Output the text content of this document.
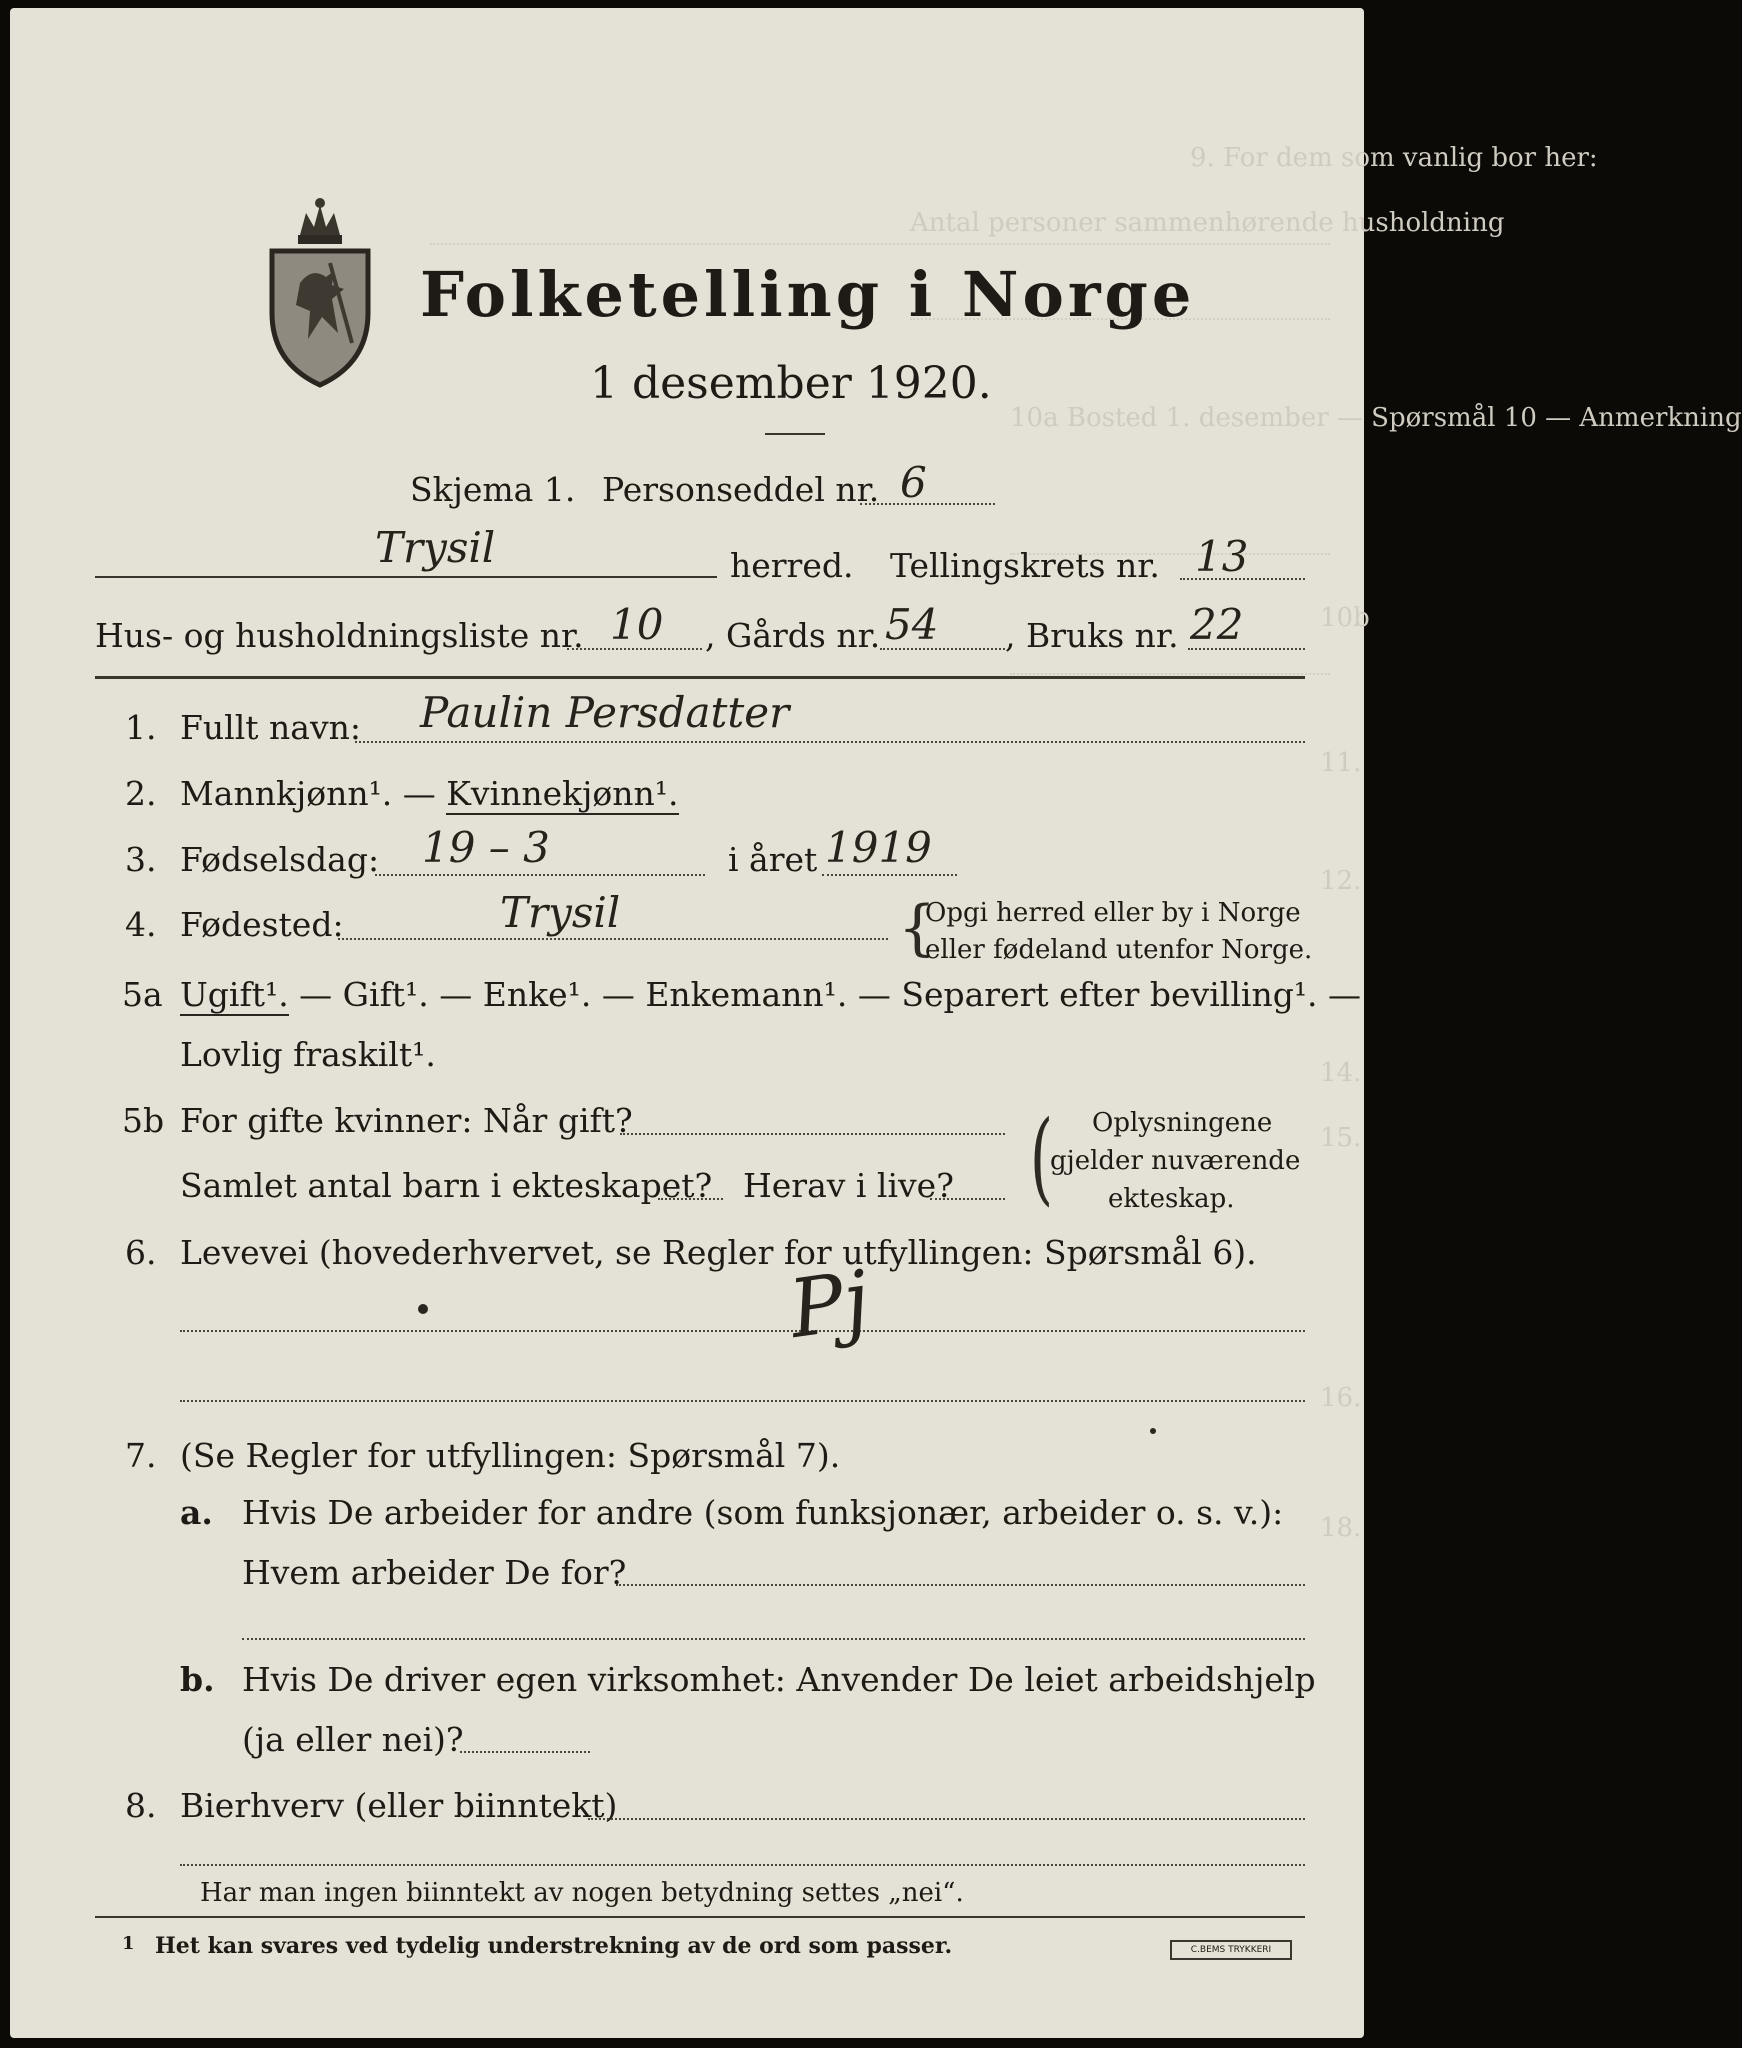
9. For dem som vanlig bor her:
Antal personer sammenhørende husholdning
10a Bosted 1. desember — Spørsmål 10 — Anmerkning
10b
11.
12.
14.
15.
16.
18.
Folketelling i Norge
1 desember 1920.
Skjema 1. Personseddel nr. 6
Trysil	herred. Tellingskrets nr. 13
Hus- og husholdningsliste nr. 10 , Gårds nr. 54 , Bruks nr. 22
1. Fullt navn: Paulin Persdatter
2. Mannkjønn¹. — Kvinnekjønn¹.
3. Fødselsdag: 19 – 3	i året 1919
4. Fødested:	Trysil	{
Opgi herred eller by i Norge
eller fødeland utenfor Norge.
5a Ugift¹. — Gift¹. — Enke¹. — Enkemann¹. — Separert efter bevilling¹. —
Lovlig fraskilt¹.
5b For gifte kvinner: Når gift?
Samlet antal barn i ekteskapet? Herav i live? ( Oplysningene
gjelder nuværende
ekteskap.
6. Levevei (hovederhvervet, se Regler for utfyllingen: Spørsmål 6).
Pj
7. (Se Regler for utfyllingen: Spørsmål 7).
a. Hvis De arbeider for andre (som funksjonær, arbeider o. s. v.):
Hvem arbeider De for?
b. Hvis De driver egen virksomhet: Anvender De leiet arbeidshjelp
(ja eller nei)?
8. Bierhverv (eller biinntekt)
Har man ingen biinntekt av nogen betydning settes „nei“.
1 Het kan svares ved tydelig understrekning av de ord som passer.	C.BEMS TRYKKERI
